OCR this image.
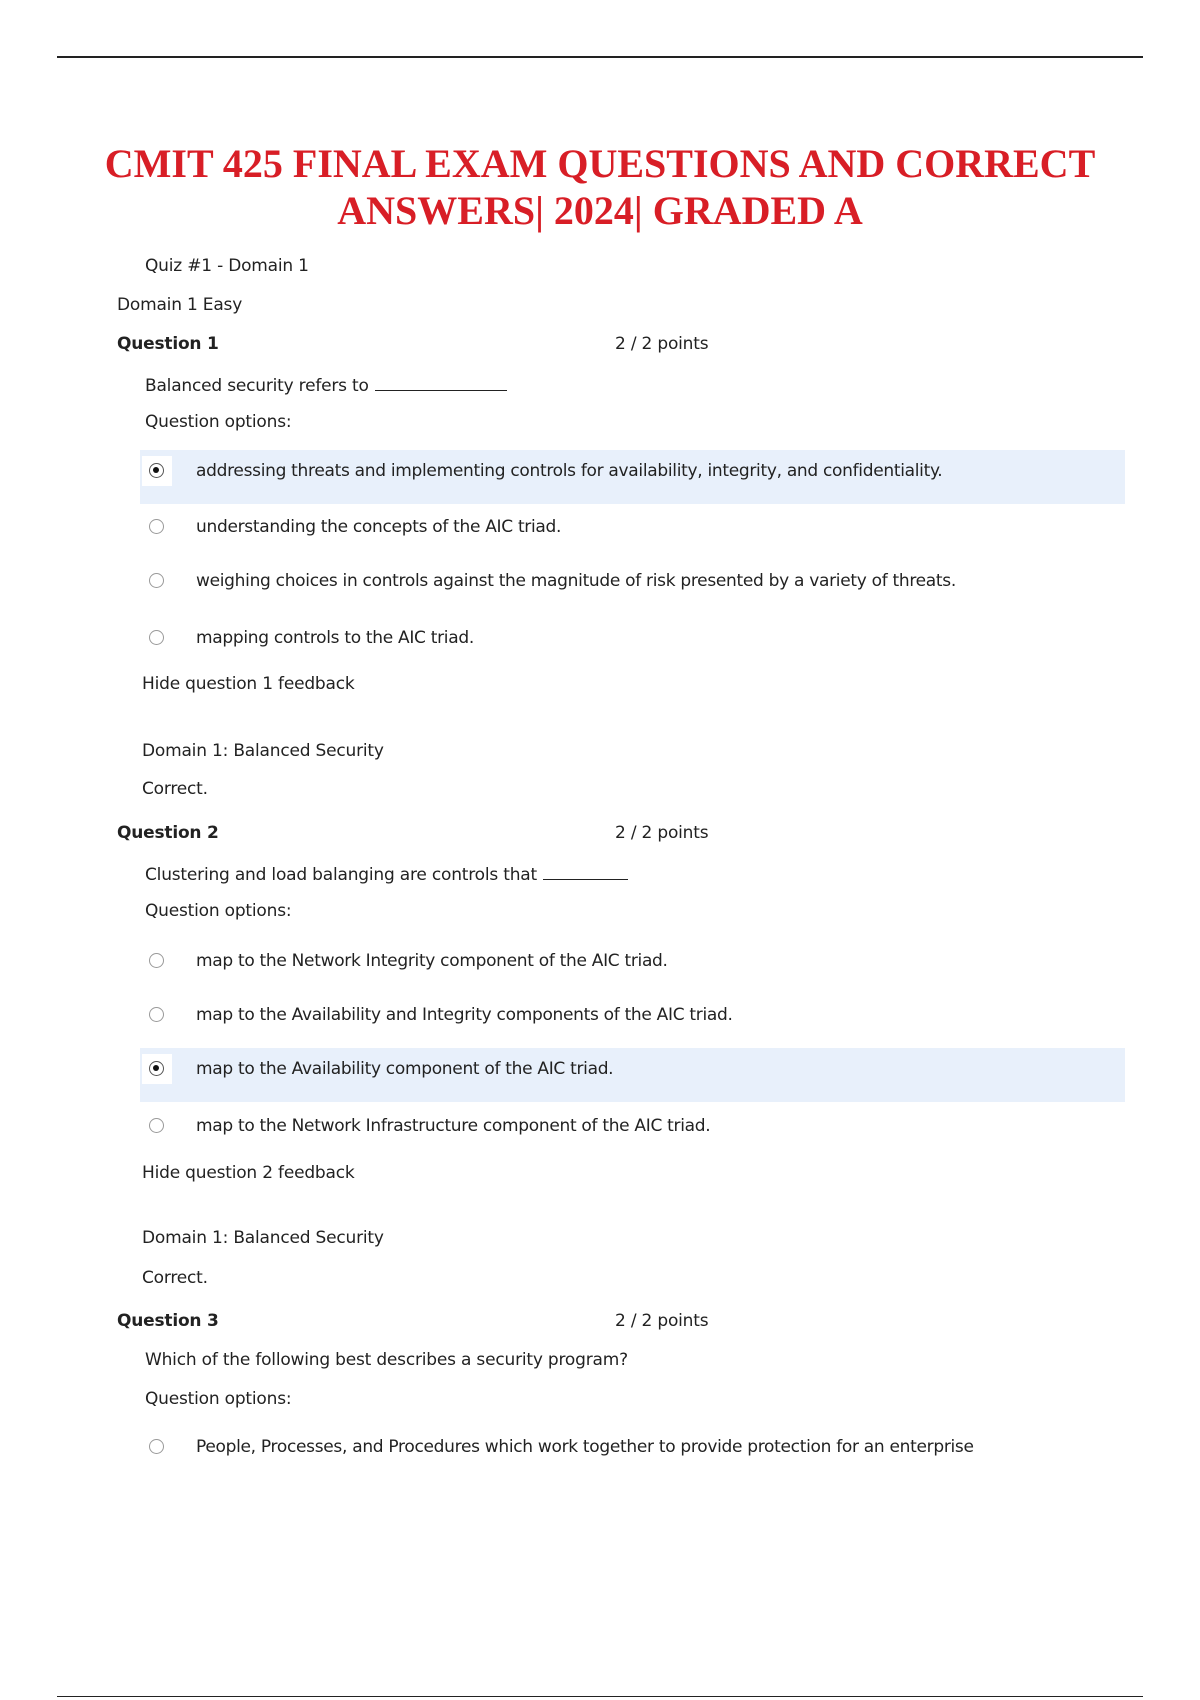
CMIT 425 FINAL EXAM QUESTIONS AND CORRECT ANSWERS| 2024| GRADED A
Quiz #1 - Domain 1
Domain 1 Easy
Question 1	2 / 2 points
Balanced security refers to
Question options:
addressing threats and implementing controls for availability, integrity, and confidentiality.
understanding the concepts of the AIC triad.
weighing choices in controls against the magnitude of risk presented by a variety of threats.
mapping controls to the AIC triad.
Hide question 1 feedback
Domain 1: Balanced Security
Correct.
Question 2	2 / 2 points
Clustering and load balanging are controls that
Question options:
map to the Network Integrity component of the AIC triad.
map to the Availability and Integrity components of the AIC triad.
map to the Availability component of the AIC triad.
map to the Network Infrastructure component of the AIC triad.
Hide question 2 feedback
Domain 1: Balanced Security
Correct.
Question 3	2 / 2 points
Which of the following best describes a security program?
Question options:
People, Processes, and Procedures which work together to provide protection for an enterprise
